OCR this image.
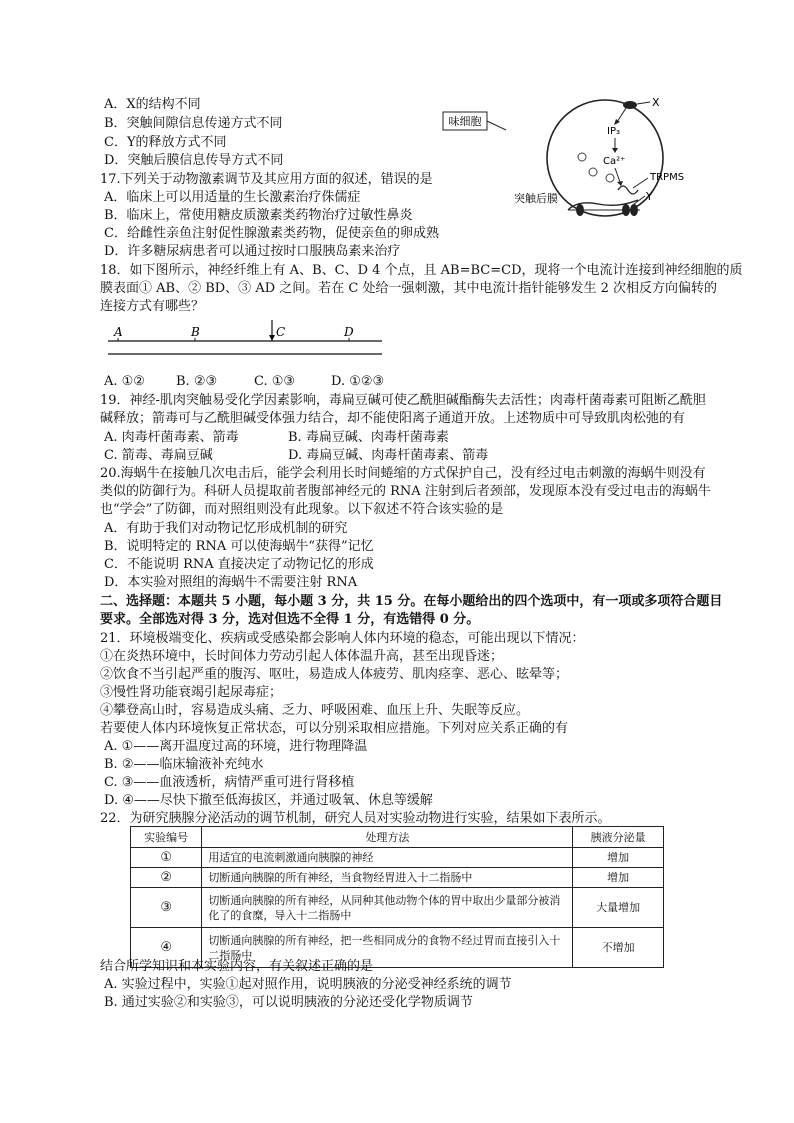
A．X的结构不同
B．突触间隙信息传递方式不同
C．Y的释放方式不同
D．突触后膜信息传导方式不同
味细胞
X
IP₃
Ca²⁺
TRPMS
Y
突触后膜
17.下列关于动物激素调节及其应用方面的叙述，错误的是
A．临床上可以用适量的生长激素治疗侏儒症
B．临床上，常使用糖皮质激素类药物治疗过敏性鼻炎
C．给雌性亲鱼注射促性腺激素类药物，促使亲鱼的卵成熟
D．许多糖尿病患者可以通过按时口服胰岛素来治疗
18．如下图所示，神经纤维上有 A、B、C、D 4 个点，且 AB=BC=CD，现将一个电流计连接到神经细胞的质
膜表面① AB、② BD、③ AD 之间。若在 C 处给一强刺激，其中电流计指针能够发生 2 次相反方向偏转的
连接方式有哪些？
A	B	C	D
A. ①② B. ②③	C. ①③	D. ①②③
19．神经-肌肉突触易受化学因素影响，毒扁豆碱可使乙酰胆碱酯酶失去活性；肉毒杆菌毒素可阻断乙酰胆
碱释放；箭毒可与乙酰胆碱受体强力结合，却不能使阳离子通道开放。上述物质中可导致肌肉松弛的有
A. 肉毒杆菌毒素、箭毒	B. 毒扁豆碱、肉毒杆菌毒素
C. 箭毒、毒扁豆碱	D. 毒扁豆碱、肉毒杆菌毒素、箭毒
20.海蜗牛在接触几次电击后，能学会利用长时间蜷缩的方式保护自己，没有经过电击刺激的海蜗牛则没有
类似的防御行为。科研人员提取前者腹部神经元的 RNA 注射到后者颈部，发现原本没有受过电击的海蜗牛
也“学会”了防御，而对照组则没有此现象。以下叙述不符合该实验的是
A．有助于我们对动物记忆形成机制的研究
B．说明特定的 RNA 可以使海蜗牛“获得”记忆
C．不能说明 RNA 直接决定了动物记忆的形成
D．本实验对照组的海蜗牛不需要注射 RNA
二、选择题：本题共 5 小题，每小题 3 分，共 15 分。在每小题给出的四个选项中，有一项或多项符合题目
要求。全部选对得 3 分，选对但选不全得 1 分，有选错得 0 分。
21．环境极端变化、疾病或受感染都会影响人体内环境的稳态，可能出现以下情况：
①在炎热环境中，长时间体力劳动引起人体体温升高，甚至出现昏迷；
②饮食不当引起严重的腹泻、呕吐，易造成人体疲劳、肌肉痉挛、恶心、眩晕等；
③慢性肾功能衰竭引起尿毒症；
④攀登高山时，容易造成头痛、乏力、呼吸困难、血压上升、失眠等反应。
若要使人体内环境恢复正常状态，可以分别采取相应措施。下列对应关系正确的有
A. ①——离开温度过高的环境，进行物理降温
B. ②——临床输液补充纯水
C. ③——血液透析，病情严重可进行肾移植
D. ④——尽快下撤至低海拔区，并通过吸氧、休息等缓解
22．为研究胰腺分泌活动的调节机制，研究人员对实验动物进行实验，结果如下表所示。
实验编号	处理方法	胰液分泌量
①	用适宜的电流刺激通向胰腺的神经	增加
②	切断通向胰腺的所有神经，当食物经胃进入十二指肠中	增加
③	切断通向胰腺的所有神经，从同种其他动物个体的胃中取出少量部分被消化了的食糜，导入十二指肠中	大量增加
④	切断通向胰腺的所有神经，把一些相同成分的食物不经过胃而直接引入十二指肠中	不增加
结合所学知识和本实验内容，有关叙述正确的是
A. 实验过程中，实验①起对照作用，说明胰液的分泌受神经系统的调节
B. 通过实验②和实验③，可以说明胰液的分泌还受化学物质调节
